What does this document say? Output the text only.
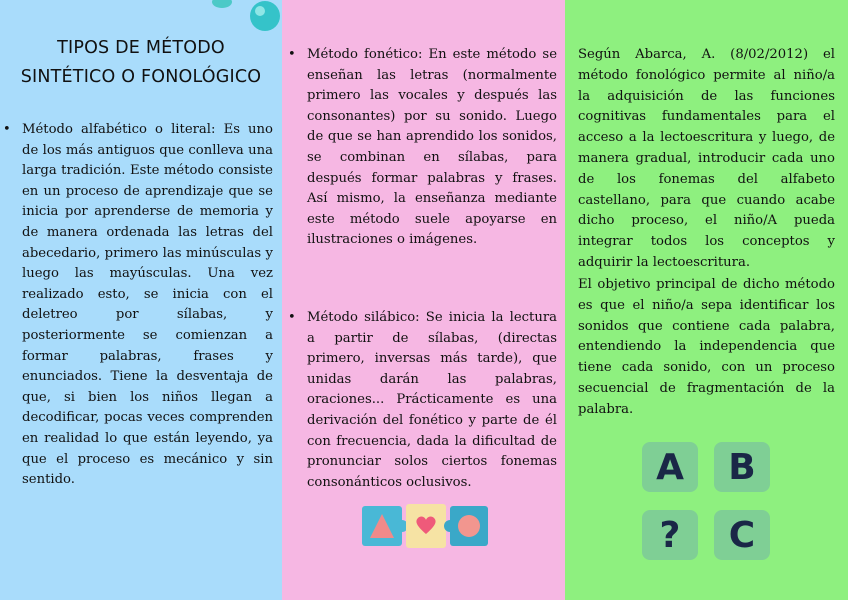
TIPOS DE MÉTODO
SINTÉTICO O FONOLÓGICO
• Método alfabético o literal: Es uno de los más antiguos que conlleva una larga tradición. Este método consiste en un proceso de aprendizaje que se inicia por aprenderse de memoria y de manera ordenada las letras del abecedario, primero las minúsculas y luego las mayúsculas. Una vez realizado esto, se inicia con el deletreo por sílabas, y posteriormente se comienzan a formar palabras, frases y enunciados. Tiene la desventaja de que, si bien los niños llegan a decodificar, pocas veces comprenden en realidad lo que están leyendo, ya que el proceso es mecánico y sin sentido.
• Método fonético: En este método se enseñan las letras (normalmente primero las vocales y después las consonantes) por su sonido. Luego de que se han aprendido los sonidos, se combinan en sílabas, para después formar palabras y frases. Así mismo, la enseñanza mediante este método suele apoyarse en ilustraciones o imágenes.
• Método silábico: Se inicia la lectura a partir de sílabas, (directas primero, inversas más tarde), que unidas darán las palabras, oraciones... Prácticamente es una derivación del fonético y parte de él con frecuencia, dada la dificultad de pronunciar solos ciertos fonemas consonánticos oclusivos.
Según Abarca, A. (8/02/2012) el método fonológico permite al niño/a la adquisición de las funciones cognitivas fundamentales para el acceso a la lectoescritura y luego, de manera gradual, introducir cada uno de los fonemas del alfabeto castellano, para que cuando acabe dicho proceso, el niño/A pueda integrar todos los conceptos y adquirir la lectoescritura.
El objetivo principal de dicho método es que el niño/a sepa identificar los sonidos que contiene cada palabra, entendiendo la independencia que tiene cada sonido, con un proceso secuencial de fragmentación de la palabra.
A	B
?	C
